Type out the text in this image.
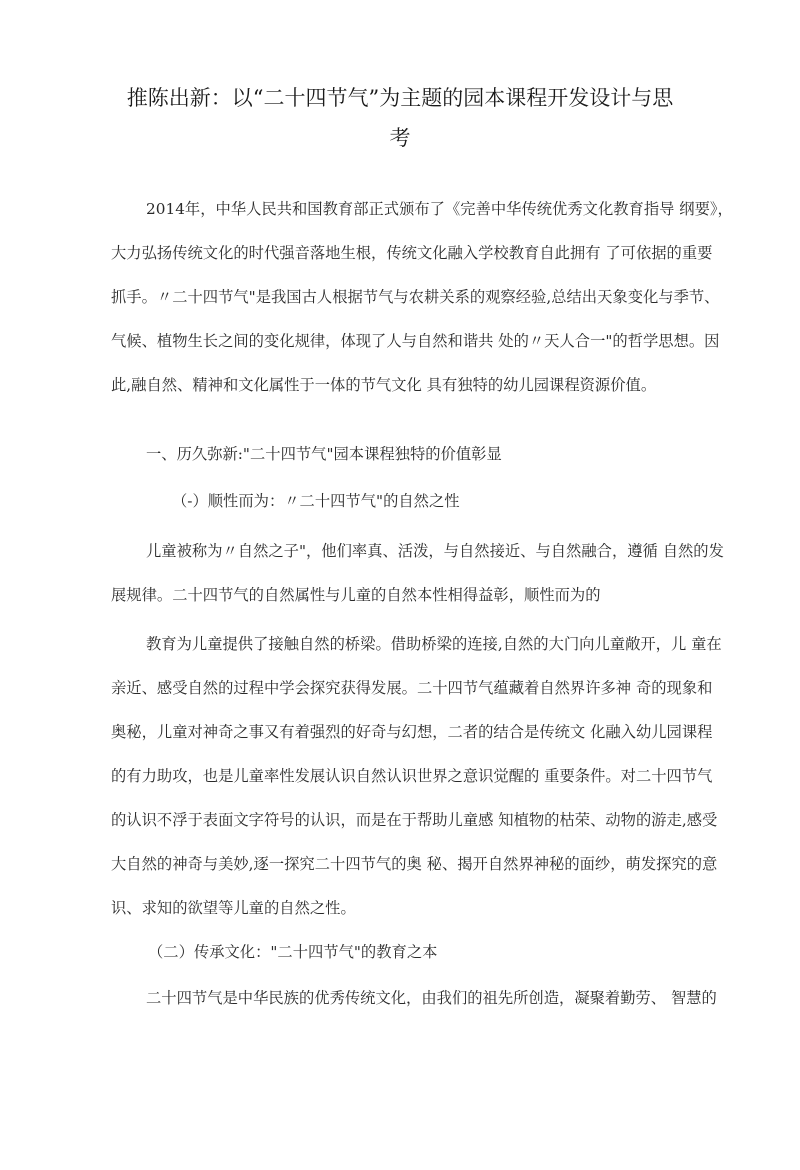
推陈出新：以“二十四节气”为主题的园本课程开发设计与思
考
2014年，中华人民共和国教育部正式颁布了《完善中华传统优秀文化教育指导 纲要》，
大力弘扬传统文化的时代强音落地生根，传统文化融入学校教育自此拥有 了可依据的重要
抓手。〃二十四节气"是我国古人根据节气与农耕关系的观察经验,总结出天象变化与季节、
气候、植物生长之间的变化规律，体现了人与自然和谐共 处的〃天人合一"的哲学思想。因
此,融自然、精神和文化属性于一体的节气文化 具有独特的幼儿园课程资源价值。
一、历久弥新:"二十四节气"园本课程独特的价值彰显
（-）顺性而为：〃二十四节气"的自然之性
儿童被称为〃自然之子"，他们率真、活泼，与自然接近、与自然融合，遵循 自然的发
展规律。二十四节气的自然属性与儿童的自然本性相得益彰，顺性而为的
教育为儿童提供了接触自然的桥梁。借助桥梁的连接,自然的大门向儿童敞开，儿 童在
亲近、感受自然的过程中学会探究获得发展。二十四节气蕴藏着自然界许多神 奇的现象和
奥秘，儿童对神奇之事又有着强烈的好奇与幻想，二者的结合是传统文 化融入幼儿园课程
的有力助攻，也是儿童率性发展认识自然认识世界之意识觉醒的 重要条件。对二十四节气
的认识不浮于表面文字符号的认识，而是在于帮助儿童感 知植物的枯荣、动物的游走,感受
大自然的神奇与美妙,逐一探究二十四节气的奥 秘、揭开自然界神秘的面纱，萌发探究的意
识、求知的欲望等儿童的自然之性。
（二）传承文化："二十四节气"的教育之本
二十四节气是中华民族的优秀传统文化，由我们的祖先所创造，凝聚着勤劳、 智慧的
